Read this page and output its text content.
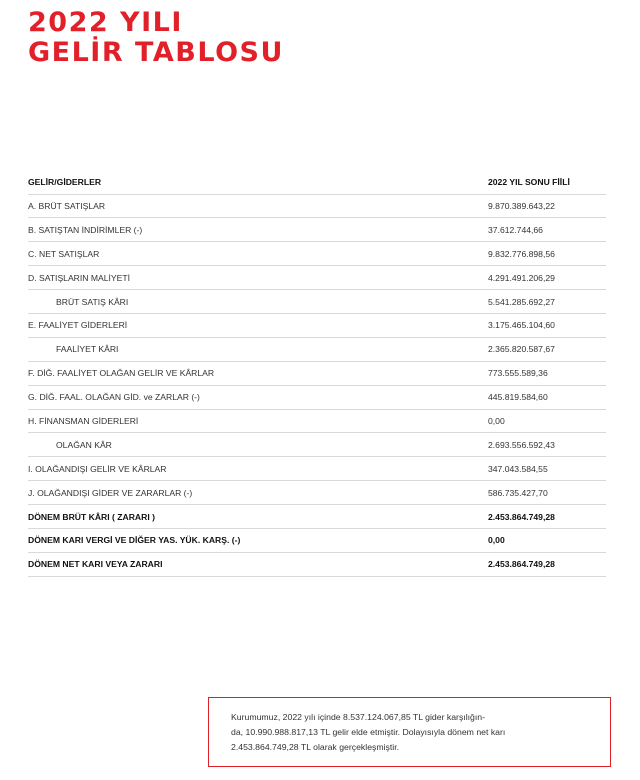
2022 YILI
GELİR TABLOSU
GELİR/GİDERLER	2022 YIL SONU FİİLİ
A. BRÜT SATIŞLAR	9.870.389.643,22
B. SATIŞTAN İNDİRİMLER (-)	37.612.744,66
C. NET SATIŞLAR	9.832.776.898,56
D. SATIŞLARIN MALİYETİ	4.291.491.206,29
BRÜT SATIŞ KÂRI	5.541.285.692,27
E. FAALİYET GİDERLERİ	3.175.465.104,60
FAALİYET KÂRI	2.365.820.587,67
F. DİĞ. FAALİYET OLAĞAN GELİR VE KÂRLAR	773.555.589,36
G. DİĞ. FAAL. OLAĞAN GİD. ve ZARLAR (-)	445.819.584,60
H. FİNANSMAN GİDERLERİ	0,00
OLAĞAN KÂR	2.693.556.592,43
I. OLAĞANDIŞI GELİR VE KÂRLAR	347.043.584,55
J. OLAĞANDIŞI GİDER VE ZARARLAR (-)	586.735.427,70
DÖNEM BRÜT KÂRI ( ZARARI )	2.453.864.749,28
DÖNEM KARI VERGİ VE DİĞER YAS. YÜK. KARŞ. (-)	0,00
DÖNEM NET KARI VEYA ZARARI	2.453.864.749,28
Kurumumuz, 2022 yılı içinde 8.537.124.067,85 TL gider karşılığın-
da, 10.990.988.817,13 TL gelir elde etmiştir. Dolayısıyla dönem net karı
2.453.864.749,28 TL olarak gerçekleşmiştir.
